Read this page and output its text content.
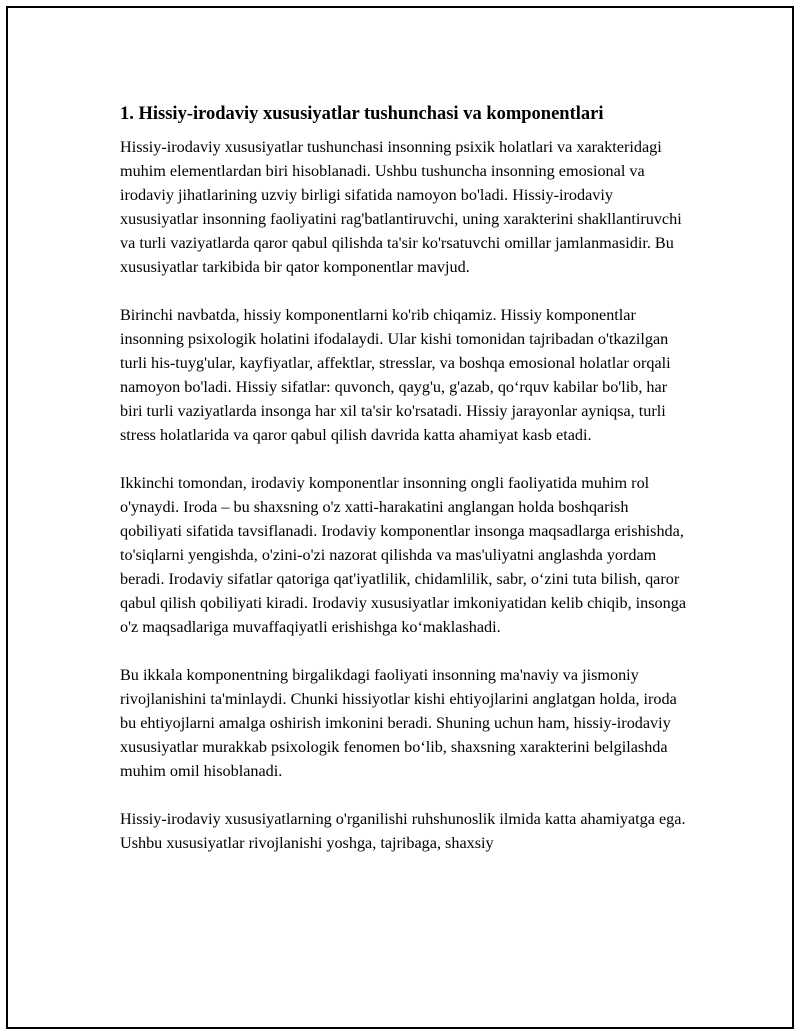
1. Hissiy-irodaviy xususiyatlar tushunchasi va komponentlari

Hissiy-irodaviy xususiyatlar tushunchasi insonning psixik holatlari va xarakteridagi muhim elementlardan biri hisoblanadi. Ushbu tushuncha insonning emosional va irodaviy jihatlarining uzviy birligi sifatida namoyon bo'ladi. Hissiy-irodaviy xususiyatlar insonning faoliyatini rag'batlantiruvchi, uning xarakterini shakllantiruvchi va turli vaziyatlarda qaror qabul qilishda ta'sir ko'rsatuvchi omillar jamlanmasidir. Bu xususiyatlar tarkibida bir qator komponentlar mavjud.

Birinchi navbatda, hissiy komponentlarni ko'rib chiqamiz. Hissiy komponentlar insonning psixologik holatini ifodalaydi. Ular kishi tomonidan tajribadan o'tkazilgan turli his-tuyg'ular, kayfiyatlar, affektlar, stresslar, va boshqa emosional holatlar orqali namoyon bo'ladi. Hissiy sifatlar: quvonch, qayg'u, g'azab, qo‘rquv kabilar bo'lib, har biri turli vaziyatlarda insonga har xil ta'sir ko'rsatadi. Hissiy jarayonlar ayniqsa, turli stress holatlarida va qaror qabul qilish davrida katta ahamiyat kasb etadi.

Ikkinchi tomondan, irodaviy komponentlar insonning ongli faoliyatida muhim rol o'ynaydi. Iroda – bu shaxsning o'z xatti-harakatini anglangan holda boshqarish qobiliyati sifatida tavsiflanadi. Irodaviy komponentlar insonga maqsadlarga erishishda, to'siqlarni yengishda, o'zini-o'zi nazorat qilishda va mas'uliyatni anglashda yordam beradi. Irodaviy sifatlar qatoriga qat'iyatlilik, chidamlilik, sabr, o‘zini tuta bilish, qaror qabul qilish qobiliyati kiradi. Irodaviy xususiyatlar imkoniyatidan kelib chiqib, insonga o'z maqsadlariga muvaffaqiyatli erishishga ko‘maklashadi.

Bu ikkala komponentning birgalikdagi faoliyati insonning ma'naviy va jismoniy rivojlanishini ta'minlaydi. Chunki hissiyotlar kishi ehtiyojlarini anglatgan holda, iroda bu ehtiyojlarni amalga oshirish imkonini beradi. Shuning uchun ham, hissiy-irodaviy xususiyatlar murakkab psixologik fenomen bo‘lib, shaxsning xarakterini belgilashda muhim omil hisoblanadi.

Hissiy-irodaviy xususiyatlarning o'rganilishi ruhshunoslik ilmida katta ahamiyatga ega. Ushbu xususiyatlar rivojlanishi yoshga, tajribaga, shaxsiy
